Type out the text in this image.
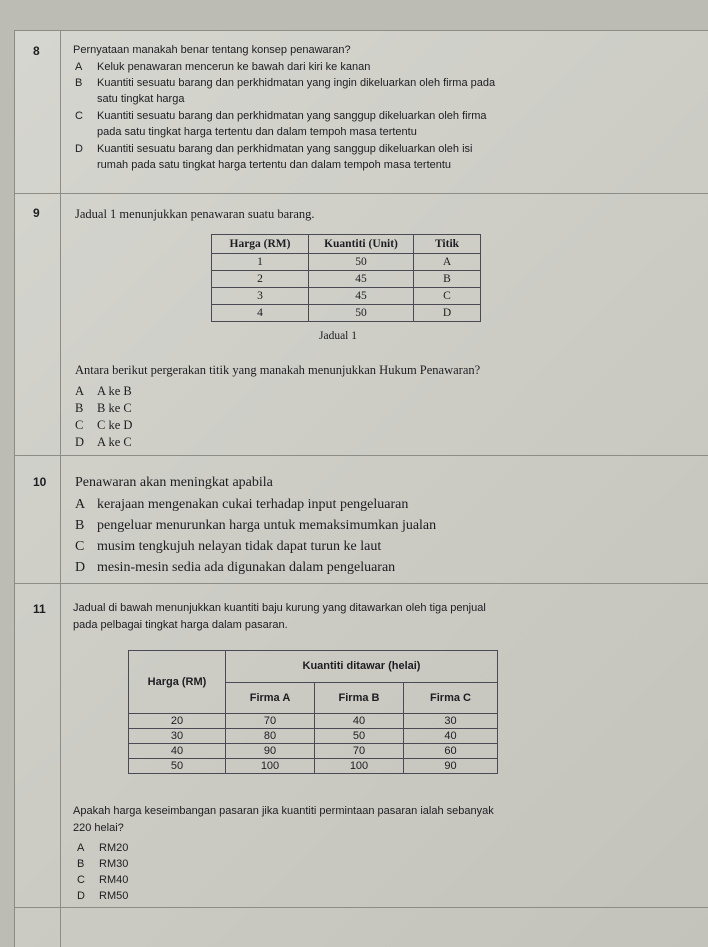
8	Pernyataan manakah benar tentang konsep penawaran?
A Keluk penawaran mencerun ke bawah dari kiri ke kanan
B Kuantiti sesuatu barang dan perkhidmatan yang ingin dikeluarkan oleh firma pada
satu tingkat harga
C Kuantiti sesuatu barang dan perkhidmatan yang sanggup dikeluarkan oleh firma
pada satu tingkat harga tertentu dan dalam tempoh masa tertentu
D Kuantiti sesuatu barang dan perkhidmatan yang sanggup dikeluarkan oleh isi
rumah pada satu tingkat harga tertentu dan dalam tempoh masa tertentu
9	Jadual 1 menunjukkan penawaran suatu barang.
Harga (RM)	Kuantiti (Unit)	Titik
1	50	A
2	45	B
3	45	C
4	50	D
Jadual 1
Antara berikut pergerakan titik yang manakah menunjukkan Hukum Penawaran?
A A ke B
B B ke C
C C ke D
D A ke C
10 Penawaran akan meningkat apabila
A kerajaan mengenakan cukai terhadap input pengeluaran
B pengeluar menurunkan harga untuk memaksimumkan jualan
C musim tengkujuh nelayan tidak dapat turun ke laut
D mesin-mesin sedia ada digunakan dalam pengeluaran
11 Jadual di bawah menunjukkan kuantiti baju kurung yang ditawarkan oleh tiga penjual
pada pelbagai tingkat harga dalam pasaran.
Harga (RM)	Kuantiti ditawar (helai)		
	Firma A	Firma B	Firma C
20	70	40	30
30	80	50	40
40	90	70	60
50	100	100	90
Apakah harga keseimbangan pasaran jika kuantiti permintaan pasaran ialah sebanyak
220 helai?
A RM20
B RM30
C RM40
D RM50
